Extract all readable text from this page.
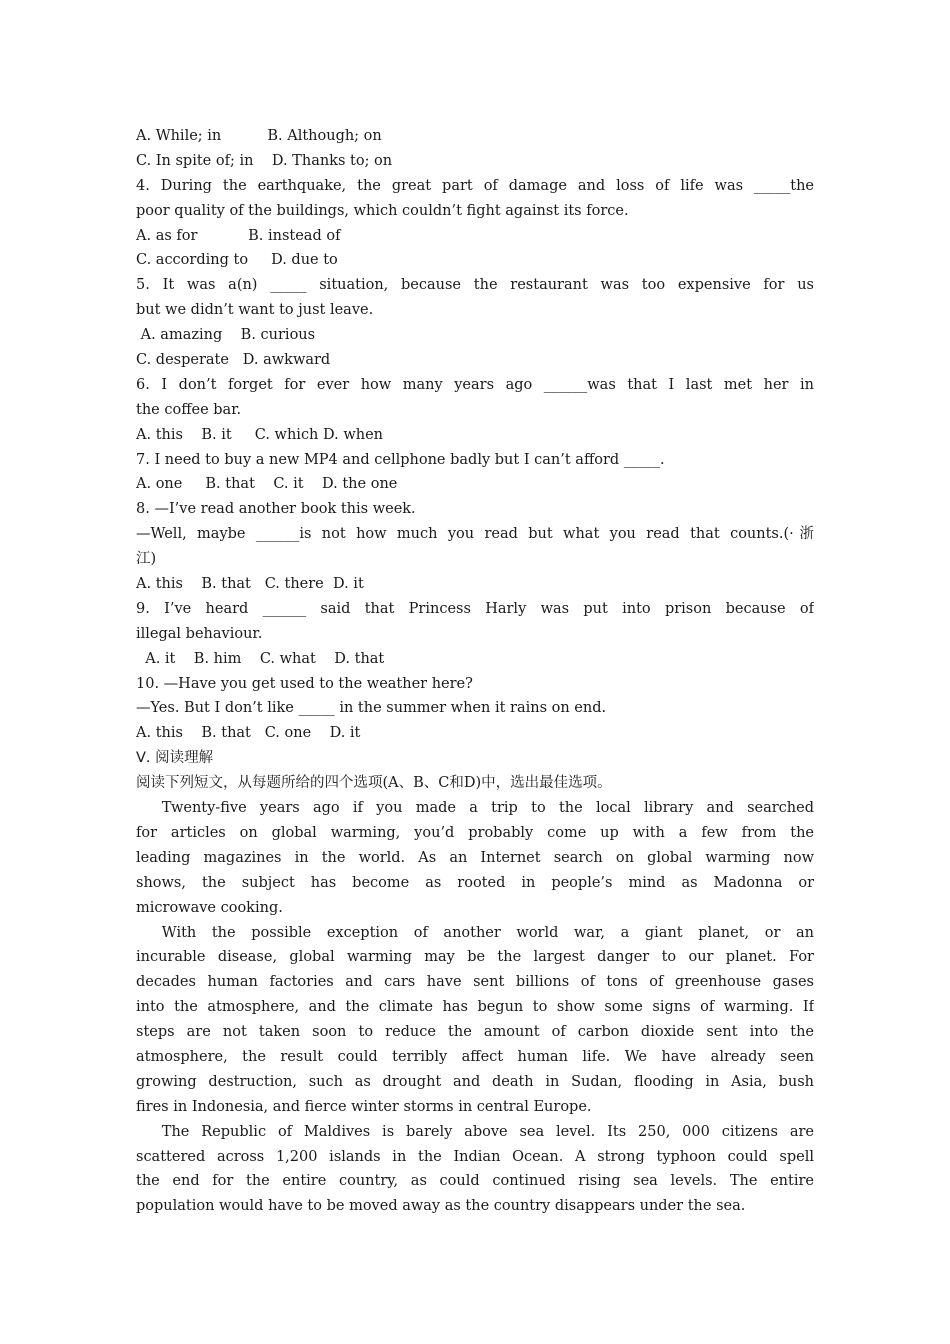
A. While; in          B. Although; on
C. In spite of; in    D. Thanks to; on
4. During the earthquake, the great part of damage and loss of life was _____the
poor quality of the buildings, which couldn’t fight against its force.
A. as for           B. instead of
C. according to     D. due to
5. It was a(n) _____ situation, because the restaurant was too expensive for us
but we didn’t want to just leave.
A. amazing    B. curious
C. desperate   D. awkward
6. I don’t forget for ever how many years ago ______was that I last met her in
the coffee bar.
A. this    B. it     C. which D. when
7. I need to buy a new MP4 and cellphone badly but I can’t afford _____.
A. one     B. that    C. it    D. the one
8. —I’ve read another book this week.
—Well, maybe ______is not how much you read but what you read that counts.(·浙
江)
A. this    B. that   C. there  D. it
9. I’ve heard ______ said that Princess Harly was put into prison because of
illegal behaviour.
A. it    B. him    C. what    D. that
10. —Have you get used to the weather here?
—Yes. But I don’t like _____ in the summer when it rains on end.
A. this    B. that   C. one    D. it
Ⅴ. 阅读理解
阅读下列短文，从每题所给的四个选项(A、B、C和D)中，选出最佳选项。
Twenty-five years ago if you made a trip to the local library and searched
for articles on global warming, you’d probably come up with a few from the
leading magazines in the world. As an Internet search on global warming now
shows, the subject has become as rooted in people’s mind as Madonna or
microwave cooking.
With the possible exception of another world war, a giant planet, or an
incurable disease, global warming may be the largest danger to our planet. For
decades human factories and cars have sent billions of tons of greenhouse gases
into the atmosphere, and the climate has begun to show some signs of warming. If
steps are not taken soon to reduce the amount of carbon dioxide sent into the
atmosphere, the result could terribly affect human life. We have already seen
growing destruction, such as drought and death in Sudan, flooding in Asia, bush
fires in Indonesia, and fierce winter storms in central Europe.
The Republic of Maldives is barely above sea level. Its 250, 000 citizens are
scattered across 1,200 islands in the Indian Ocean. A strong typhoon could spell
the end for the entire country, as could continued rising sea levels. The entire
population would have to be moved away as the country disappears under the sea.
